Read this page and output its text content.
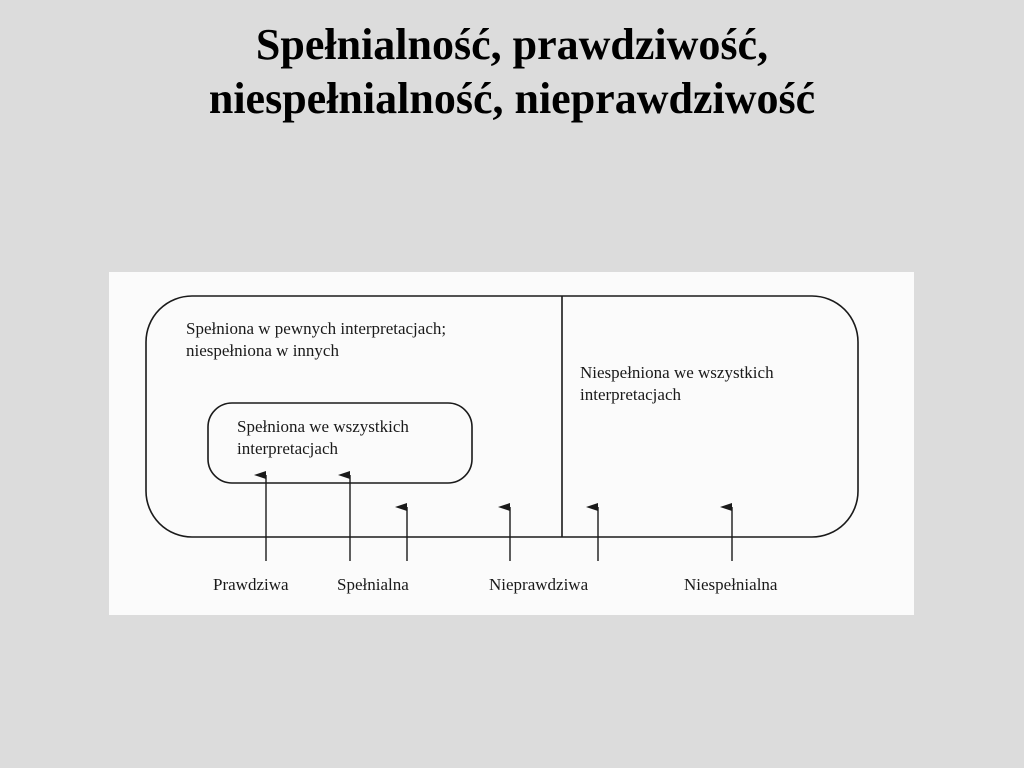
Spełnialność, prawdziwość,
niespełnialność, nieprawdziwość
Spełniona w pewnych interpretacjach;
niespełniona w innych
Spełniona we wszystkich
interpretacjach
Niespełniona we wszystkich
interpretacjach
Prawdziwa	Spełnialna	Nieprawdziwa	Niespełnialna
